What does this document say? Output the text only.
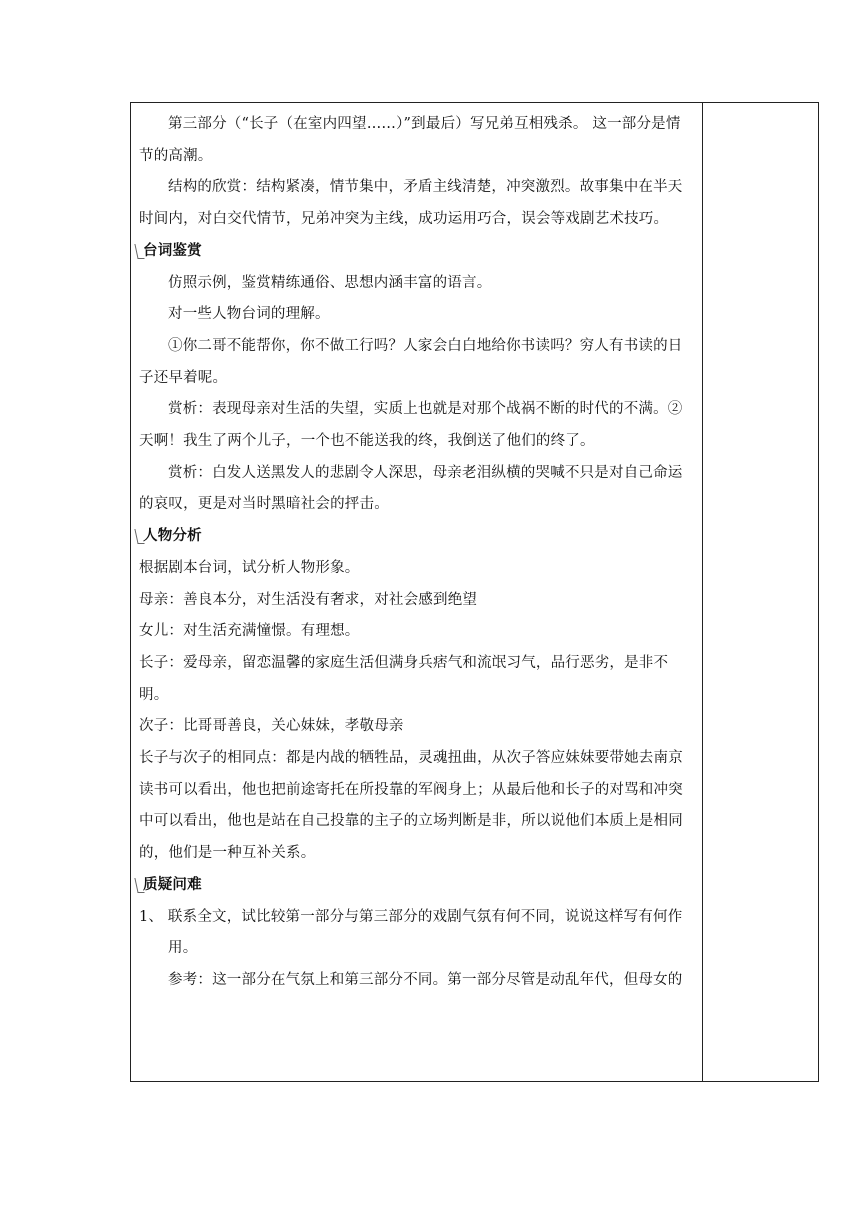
第三部分（“长子（在室内四望……）”到最后）写兄弟互相残杀。 这一部分是情节的高潮。

结构的欣赏：结构紧凑，情节集中，矛盾主线清楚，冲突激烈。故事集中在半天时间内，对白交代情节，兄弟冲突为主线，成功运用巧合，误会等戏剧艺术技巧。

台词鉴赏

仿照示例，鉴赏精练通俗、思想内涵丰富的语言。

对一些人物台词的理解。

①你二哥不能帮你，你不做工行吗？人家会白白地给你书读吗？穷人有书读的日子还早着呢。

赏析：表现母亲对生活的失望，实质上也就是对那个战祸不断的时代的不满。②天啊！我生了两个儿子，一个也不能送我的终，我倒送了他们的终了。

赏析：白发人送黑发人的悲剧令人深思，母亲老泪纵横的哭喊不只是对自己命运的哀叹，更是对当时黑暗社会的抨击。

人物分析

根据剧本台词，试分析人物形象。

母亲：善良本分，对生活没有奢求，对社会感到绝望

女儿：对生活充满憧憬。有理想。

长子：爱母亲，留恋温馨的家庭生活但满身兵痞气和流氓习气，品行恶劣，是非不明。

次子：比哥哥善良，关心妹妹，孝敬母亲

长子与次子的相同点：都是内战的牺牲品，灵魂扭曲，从次子答应妹妹要带她去南京读书可以看出，他也把前途寄托在所投靠的军阀身上；从最后他和长子的对骂和冲突中可以看出，他也是站在自己投靠的主子的立场判断是非，所以说他们本质上是相同的，他们是一种互补关系。

质疑问难

1、 联系全文，试比较第一部分与第三部分的戏剧气氛有何不同，说说这样写有何作用。

参考：这一部分在气氛上和第三部分不同。第一部分尽管是动乱年代，但母女的
